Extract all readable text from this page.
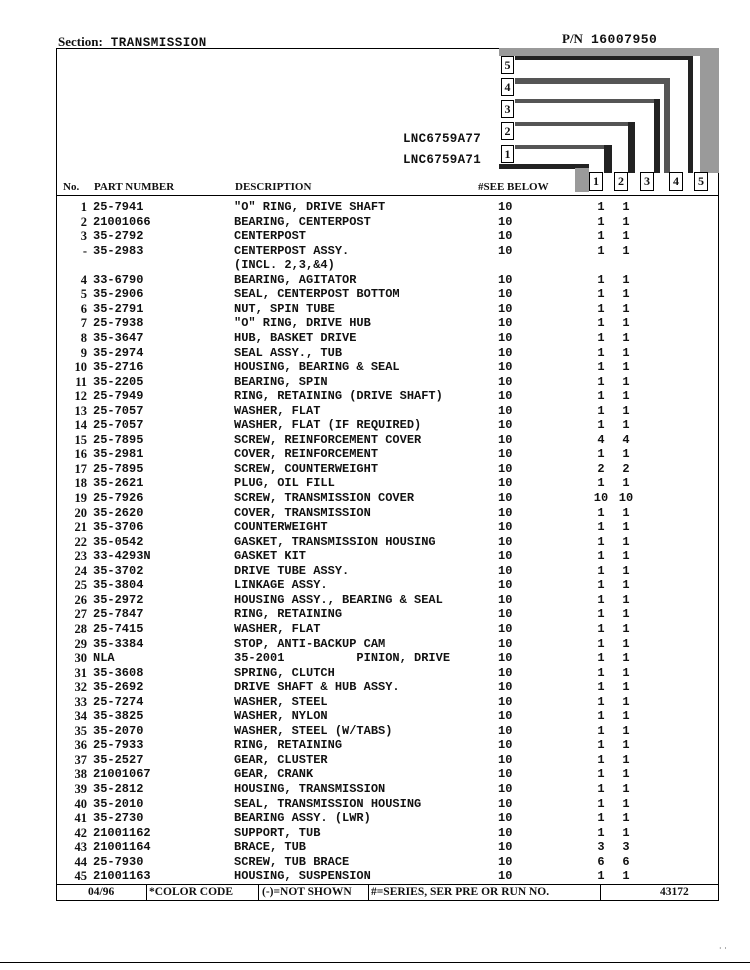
Section: TRANSMISSION	P/N 16007950
5
4
3
2
1
LNC6759A77
LNC6759A71
1	2	3	4	5
No. PART NUMBER	DESCRIPTION	#SEE BELOW
1 25-7941	"O" RING, DRIVE SHAFT	10	1	1
2 21001066	BEARING, CENTERPOST	10	1	1
3 35-2792	CENTERPOST	10	1	1
- 35-2983	CENTERPOST ASSY.	10	1	1
(INCL. 2,3,&4)
4 33-6790	BEARING, AGITATOR	10	1	1
5 35-2906	SEAL, CENTERPOST BOTTOM	10	1	1
6 35-2791	NUT, SPIN TUBE	10	1	1
7 25-7938	"O" RING, DRIVE HUB	10	1	1
8 35-3647	HUB, BASKET DRIVE	10	1	1
9 35-2974	SEAL ASSY., TUB	10	1	1
10 35-2716	HOUSING, BEARING & SEAL	10	1	1
11 35-2205	BEARING, SPIN	10	1	1
12 25-7949	RING, RETAINING (DRIVE SHAFT)	10	1	1
13 25-7057	WASHER, FLAT	10	1	1
14 25-7057	WASHER, FLAT (IF REQUIRED)	10	1	1
15 25-7895	SCREW, REINFORCEMENT COVER	10	4	4
16 35-2981	COVER, REINFORCEMENT	10	1	1
17 25-7895	SCREW, COUNTERWEIGHT	10	2	2
18 35-2621	PLUG, OIL FILL	10	1	1
19 25-7926	SCREW, TRANSMISSION COVER	10	10 10
20 35-2620	COVER, TRANSMISSION	10	1	1
21 35-3706	COUNTERWEIGHT	10	1	1
22 35-0542	GASKET, TRANSMISSION HOUSING	10	1	1
23 33-4293N	GASKET KIT	10	1	1
24 35-3702	DRIVE TUBE ASSY.	10	1	1
25 35-3804	LINKAGE ASSY.	10	1	1
26 35-2972	HOUSING ASSY., BEARING & SEAL	10	1	1
27 25-7847	RING, RETAINING	10	1	1
28 25-7415	WASHER, FLAT	10	1	1
29 35-3384	STOP, ANTI-BACKUP CAM	10	1	1
30 NLA	35-2001          PINION, DRIVE	10	1	1
31 35-3608	SPRING, CLUTCH	10	1	1
32 35-2692	DRIVE SHAFT & HUB ASSY.	10	1	1
33 25-7274	WASHER, STEEL	10	1	1
34 35-3825	WASHER, NYLON	10	1	1
35 35-2070	WASHER, STEEL (W/TABS)	10	1	1
36 25-7933	RING, RETAINING	10	1	1
37 35-2527	GEAR, CLUSTER	10	1	1
38 21001067	GEAR, CRANK	10	1	1
39 35-2812	HOUSING, TRANSMISSION	10	1	1
40 35-2010	SEAL, TRANSMISSION HOUSING	10	1	1
41 35-2730	BEARING ASSY. (LWR)	10	1	1
42 21001162	SUPPORT, TUB	10	1	1
43 21001164	BRACE, TUB	10	3	3
44 25-7930	SCREW, TUB BRACE	10	6	6
45 21001163	HOUSING, SUSPENSION	10	1	1
04/96	*COLOR CODE	(-)=NOT SHOWN #=SERIES, SER PRE OR RUN NO.	43172
· ·
